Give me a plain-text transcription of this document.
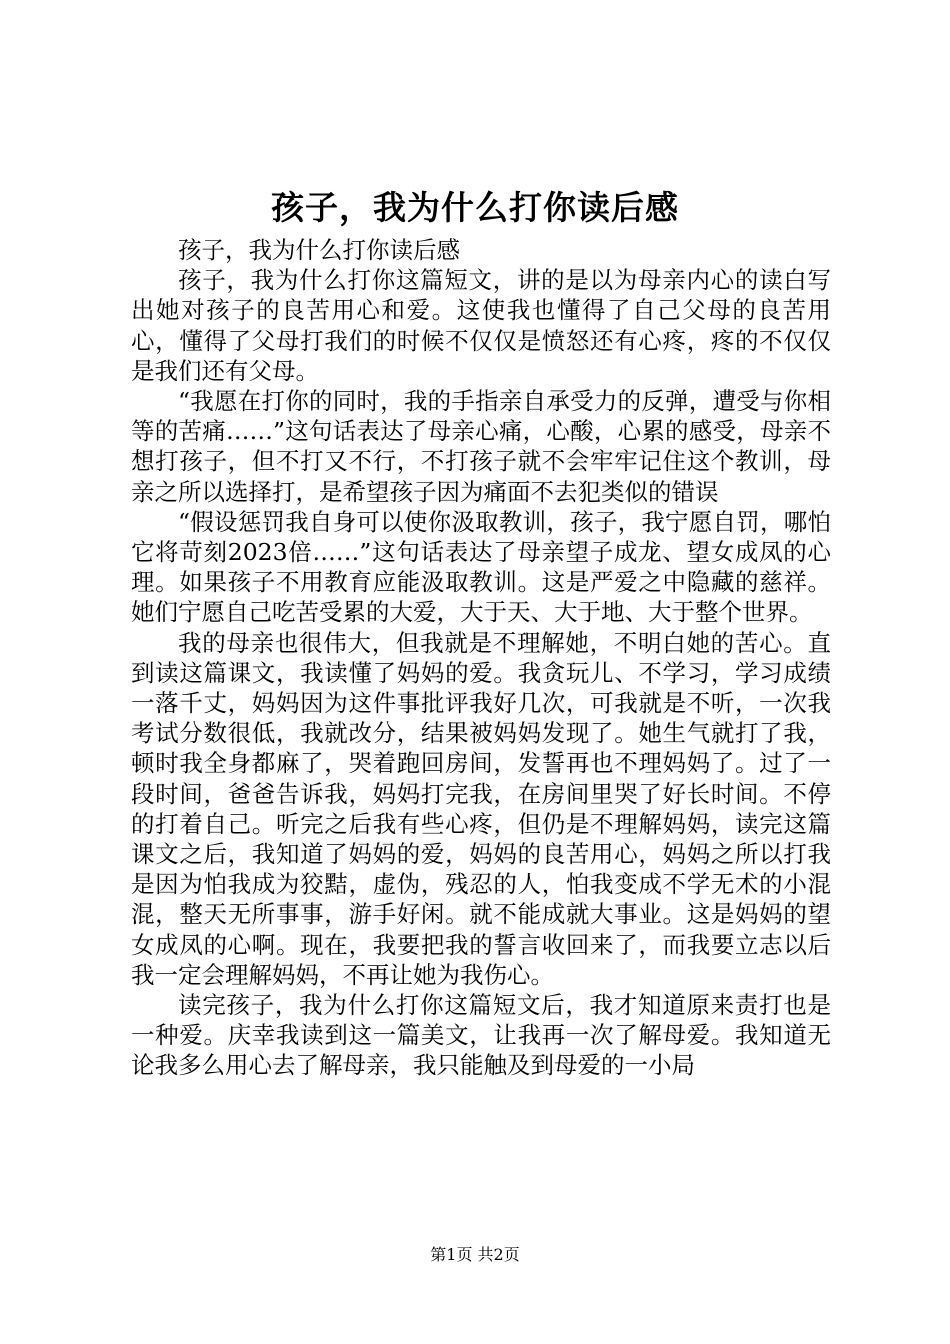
孩子，我为什么打你读后感

孩子，我为什么打你读后感

孩子，我为什么打你这篇短文，讲的是以为母亲内心的读白写出她对孩子的良苦用心和爱。这使我也懂得了自己父母的良苦用心，懂得了父母打我们的时候不仅仅是愤怒还有心疼，疼的不仅仅是我们还有父母。

“我愿在打你的同时，我的手指亲自承受力的反弹，遭受与你相等的苦痛……”这句话表达了母亲心痛，心酸，心累的感受，母亲不想打孩子，但不打又不行，不打孩子就不会牢牢记住这个教训，母亲之所以选择打，是希望孩子因为痛面不去犯类似的错误

“假设惩罚我自身可以使你汲取教训，孩子，我宁愿自罚，哪怕它将苛刻2023倍……”这句话表达了母亲望子成龙、望女成凤的心理。如果孩子不用教育应能汲取教训。这是严爱之中隐藏的慈祥。她们宁愿自己吃苦受累的大爱，大于天、大于地、大于整个世界。

我的母亲也很伟大，但我就是不理解她，不明白她的苦心。直到读这篇课文，我读懂了妈妈的爱。我贪玩儿、不学习，学习成绩一落千丈，妈妈因为这件事批评我好几次，可我就是不听，一次我考试分数很低，我就改分，结果被妈妈发现了。她生气就打了我，顿时我全身都麻了，哭着跑回房间，发誓再也不理妈妈了。过了一段时间，爸爸告诉我，妈妈打完我，在房间里哭了好长时间。不停的打着自己。听完之后我有些心疼，但仍是不理解妈妈，读完这篇课文之后，我知道了妈妈的爱，妈妈的良苦用心，妈妈之所以打我是因为怕我成为狡黠，虚伪，残忍的人，怕我变成不学无术的小混混，整天无所事事，游手好闲。就不能成就大事业。这是妈妈的望女成凤的心啊。现在，我要把我的誓言收回来了，而我要立志以后我一定会理解妈妈，不再让她为我伤心。

读完孩子，我为什么打你这篇短文后，我才知道原来责打也是一种爱。庆幸我读到这一篇美文，让我再一次了解母爱。我知道无论我多么用心去了解母亲，我只能触及到母爱的一小局

第1页 共2页
